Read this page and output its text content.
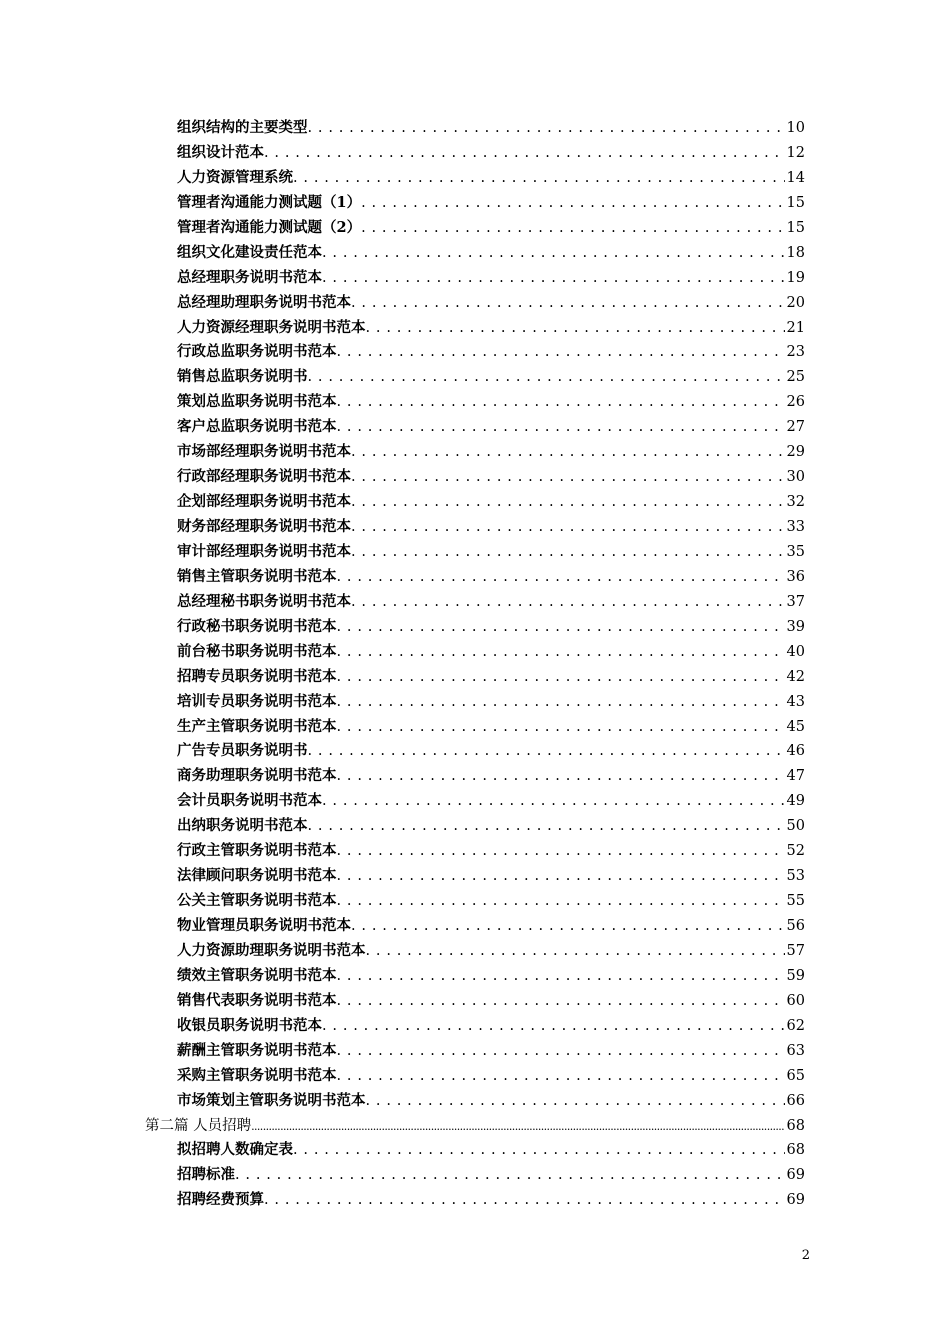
组织结构的主要类型 . . .	10
组织设计范本 . . .	12
人力资源管理系统 . . .	14
管理者沟通能力测试题（1） . . .	15
管理者沟通能力测试题（2） . . .	15
组织文化建设责任范本 . . .	18
总经理职务说明书范本 . . .	19
总经理助理职务说明书范本 . . .	20
人力资源经理职务说明书范本 . . .	21
行政总监职务说明书范本 . . .	23
销售总监职务说明书 . . .	25
策划总监职务说明书范本 . . .	26
客户总监职务说明书范本 . . .	27
市场部经理职务说明书范本 . . .	29
行政部经理职务说明书范本 . . .	30
企划部经理职务说明书范本 . . .	32
财务部经理职务说明书范本 . . .	33
审计部经理职务说明书范本 . . .	35
销售主管职务说明书范本 . . .	36
总经理秘书职务说明书范本 . . .	37
行政秘书职务说明书范本 . . .	39
前台秘书职务说明书范本 . . .	40
招聘专员职务说明书范本 . . .	42
培训专员职务说明书范本 . . .	43
生产主管职务说明书范本 . . .	45
广告专员职务说明书 . . .	46
商务助理职务说明书范本 . . .	47
会计员职务说明书范本 . . .	49
出纳职务说明书范本 . . .	50
行政主管职务说明书范本 . . .	52
法律顾问职务说明书范本 . . .	53
公关主管职务说明书范本 . . .	55
物业管理员职务说明书范本 . . .	56
人力资源助理职务说明书范本 . . .	57
绩效主管职务说明书范本 . . .	59
销售代表职务说明书范本 . . .	60
收银员职务说明书范本 . . .	62
薪酬主管职务说明书范本 . . .	63
采购主管职务说明书范本 . . .	65
市场策划主管职务说明书范本 . . .	66
第二篇 人员招聘 .....	68
拟招聘人数确定表 . . .	68
招聘标准 . . .	69
招聘经费预算 . . .	69
2
